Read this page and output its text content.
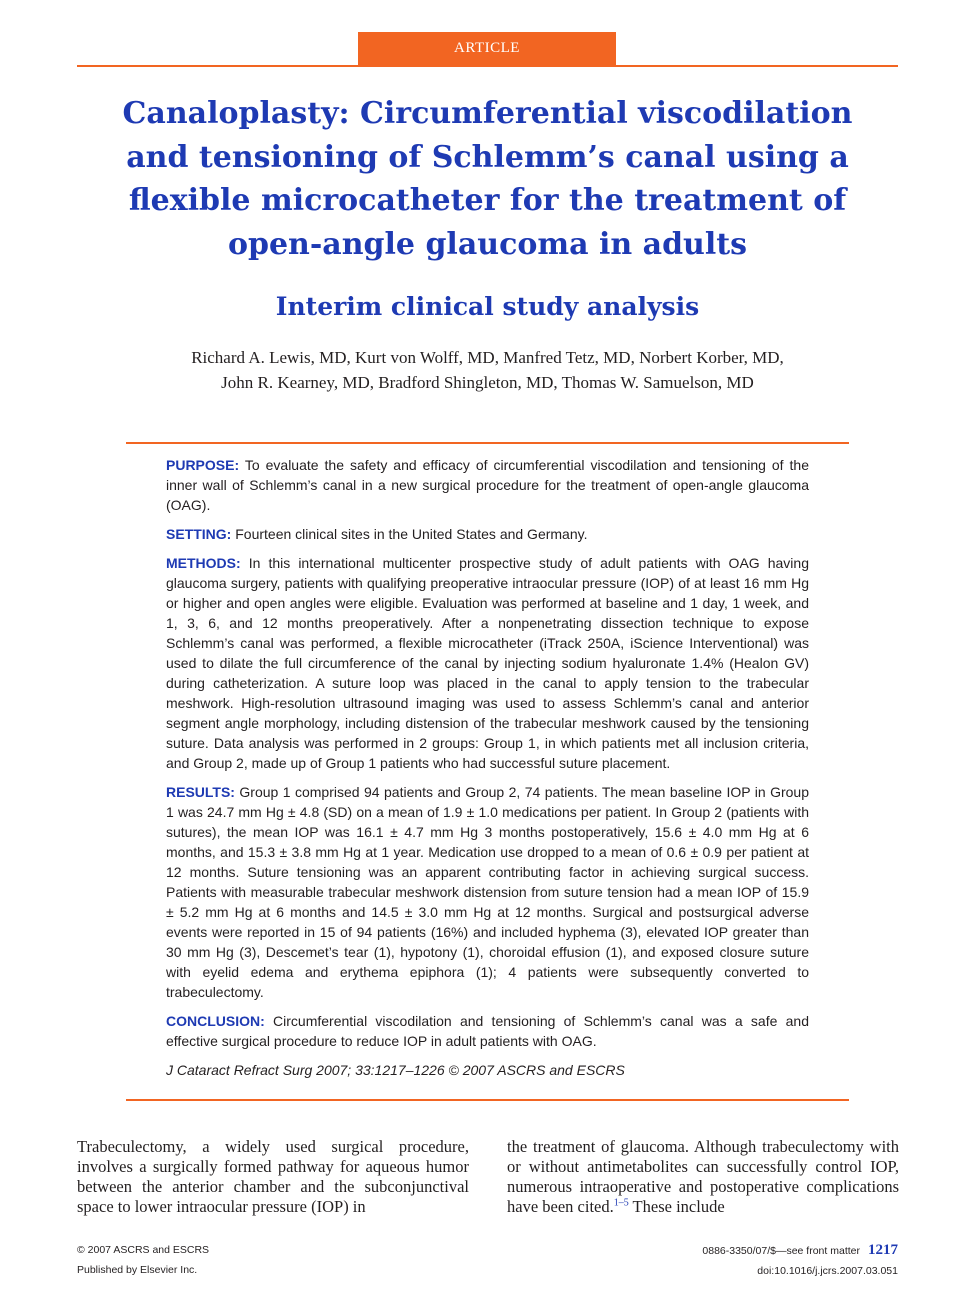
ARTICLE
Canaloplasty: Circumferential viscodilation and tensioning of Schlemm’s canal using a flexible microcatheter for the treatment of open-angle glaucoma in adults
Interim clinical study analysis
Richard A. Lewis, MD, Kurt von Wolff, MD, Manfred Tetz, MD, Norbert Korber, MD,
John R. Kearney, MD, Bradford Shingleton, MD, Thomas W. Samuelson, MD

PURPOSE: To evaluate the safety and efficacy of circumferential viscodilation and tensioning of the inner wall of Schlemm’s canal in a new surgical procedure for the treatment of open-angle glaucoma (OAG).

SETTING: Fourteen clinical sites in the United States and Germany.

METHODS: In this international multicenter prospective study of adult patients with OAG having glaucoma surgery, patients with qualifying preoperative intraocular pressure (IOP) of at least 16 mm Hg or higher and open angles were eligible. Evaluation was performed at baseline and 1 day, 1 week, and 1, 3, 6, and 12 months preoperatively. After a nonpenetrating dissection technique to expose Schlemm’s canal was performed, a flexible microcatheter (iTrack 250A, iScience Interventional) was used to dilate the full circumference of the canal by injecting sodium hyaluronate 1.4% (Healon GV) during catheterization. A suture loop was placed in the canal to apply tension to the trabecular meshwork. High-resolution ultrasound imaging was used to assess Schlemm’s canal and anterior segment angle morphology, including distension of the trabecular meshwork caused by the tensioning suture. Data analysis was performed in 2 groups: Group 1, in which patients met all inclusion criteria, and Group 2, made up of Group 1 patients who had successful suture placement.

RESULTS: Group 1 comprised 94 patients and Group 2, 74 patients. The mean baseline IOP in Group 1 was 24.7 mm Hg ± 4.8 (SD) on a mean of 1.9 ± 1.0 medications per patient. In Group 2 (patients with sutures), the mean IOP was 16.1 ± 4.7 mm Hg 3 months postoperatively, 15.6 ± 4.0 mm Hg at 6 months, and 15.3 ± 3.8 mm Hg at 1 year. Medication use dropped to a mean of 0.6 ± 0.9 per patient at 12 months. Suture tensioning was an apparent contributing factor in achieving surgical success. Patients with measurable trabecular meshwork distension from suture tension had a mean IOP of 15.9 ± 5.2 mm Hg at 6 months and 14.5 ± 3.0 mm Hg at 12 months. Surgical and postsurgical adverse events were reported in 15 of 94 patients (16%) and included hyphema (3), elevated IOP greater than 30 mm Hg (3), Descemet’s tear (1), hypotony (1), choroidal effusion (1), and exposed closure suture with eyelid edema and erythema epiphora (1); 4 patients were subsequently converted to trabeculectomy.

CONCLUSION: Circumferential viscodilation and tensioning of Schlemm’s canal was a safe and effective surgical procedure to reduce IOP in adult patients with OAG.

J Cataract Refract Surg 2007; 33:1217–1226 © 2007 ASCRS and ESCRS

Trabeculectomy, a widely used surgical procedure, involves a surgically formed pathway for aqueous humor between the anterior chamber and the subconjunctival space to lower intraocular pressure (IOP) in
the treatment of glaucoma. Although trabeculectomy with or without antimetabolites can successfully control IOP, numerous intraoperative and postoperative complications have been cited.$^{1-5}$ These include
© 2007 ASCRS and ESCRS
Published by Elsevier Inc.
0886-3350/07/$—see front matter 1217
doi:10.1016/j.jcrs.2007.03.051
